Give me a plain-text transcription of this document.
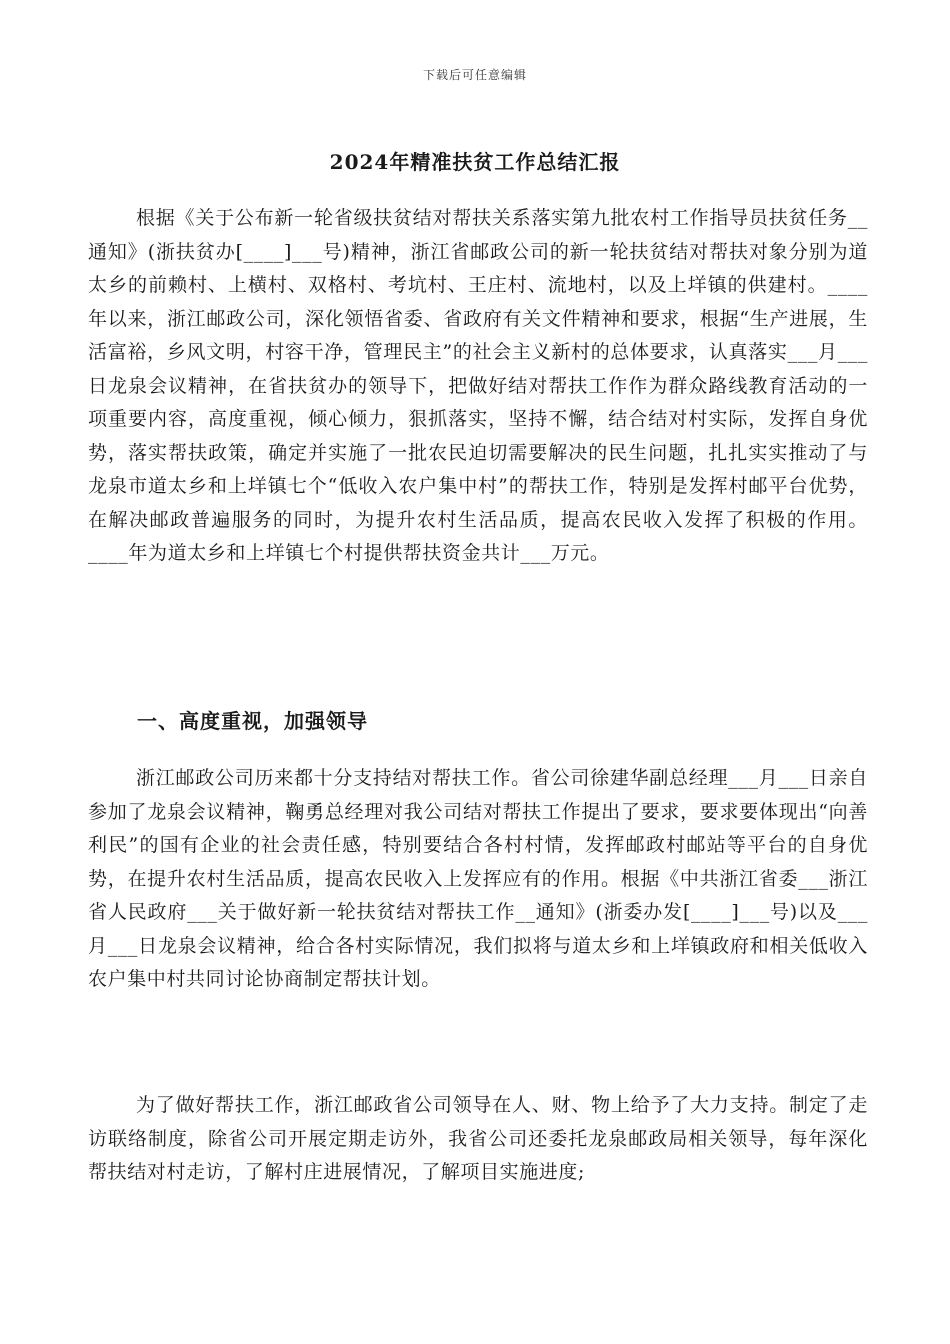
下载后可任意编辑
2024年精准扶贫工作总结汇报

根据《关于公布新一轮省级扶贫结对帮扶关系落实第九批农村工作指导员扶贫任务__通知》(浙扶贫办[____]___号)精神，浙江省邮政公司的新一轮扶贫结对帮扶对象分别为道太乡的前赖村、上横村、双格村、考坑村、王庄村、流地村，以及上垟镇的供建村。____年以来，浙江邮政公司，深化领悟省委、省政府有关文件精神和要求，根据“生产进展，生活富裕，乡风文明，村容干净，管理民主”的社会主义新村的总体要求，认真落实___月___日龙泉会议精神，在省扶贫办的领导下，把做好结对帮扶工作作为群众路线教育活动的一项重要内容，高度重视，倾心倾力，狠抓落实，坚持不懈，结合结对村实际，发挥自身优势，落实帮扶政策，确定并实施了一批农民迫切需要解决的民生问题，扎扎实实推动了与龙泉市道太乡和上垟镇七个“低收入农户集中村”的帮扶工作，特别是发挥村邮平台优势，在解决邮政普遍服务的同时，为提升农村生活品质，提高农民收入发挥了积极的作用。____年为道太乡和上垟镇七个村提供帮扶资金共计___万元。

一、高度重视，加强领导

浙江邮政公司历来都十分支持结对帮扶工作。省公司徐建华副总经理___月___日亲自参加了龙泉会议精神，鞠勇总经理对我公司结对帮扶工作提出了要求，要求要体现出“向善利民”的国有企业的社会责任感，特别要结合各村村情，发挥邮政村邮站等平台的自身优势，在提升农村生活品质，提高农民收入上发挥应有的作用。根据《中共浙江省委___浙江省人民政府___关于做好新一轮扶贫结对帮扶工作__通知》(浙委办发[____]___号)以及___月___日龙泉会议精神，给合各村实际情况，我们拟将与道太乡和上垟镇政府和相关低收入农户集中村共同讨论协商制定帮扶计划。

为了做好帮扶工作，浙江邮政省公司领导在人、财、物上给予了大力支持。制定了走访联络制度，除省公司开展定期走访外，我省公司还委托龙泉邮政局相关领导，每年深化帮扶结对村走访，了解村庄进展情况，了解项目实施进度;
